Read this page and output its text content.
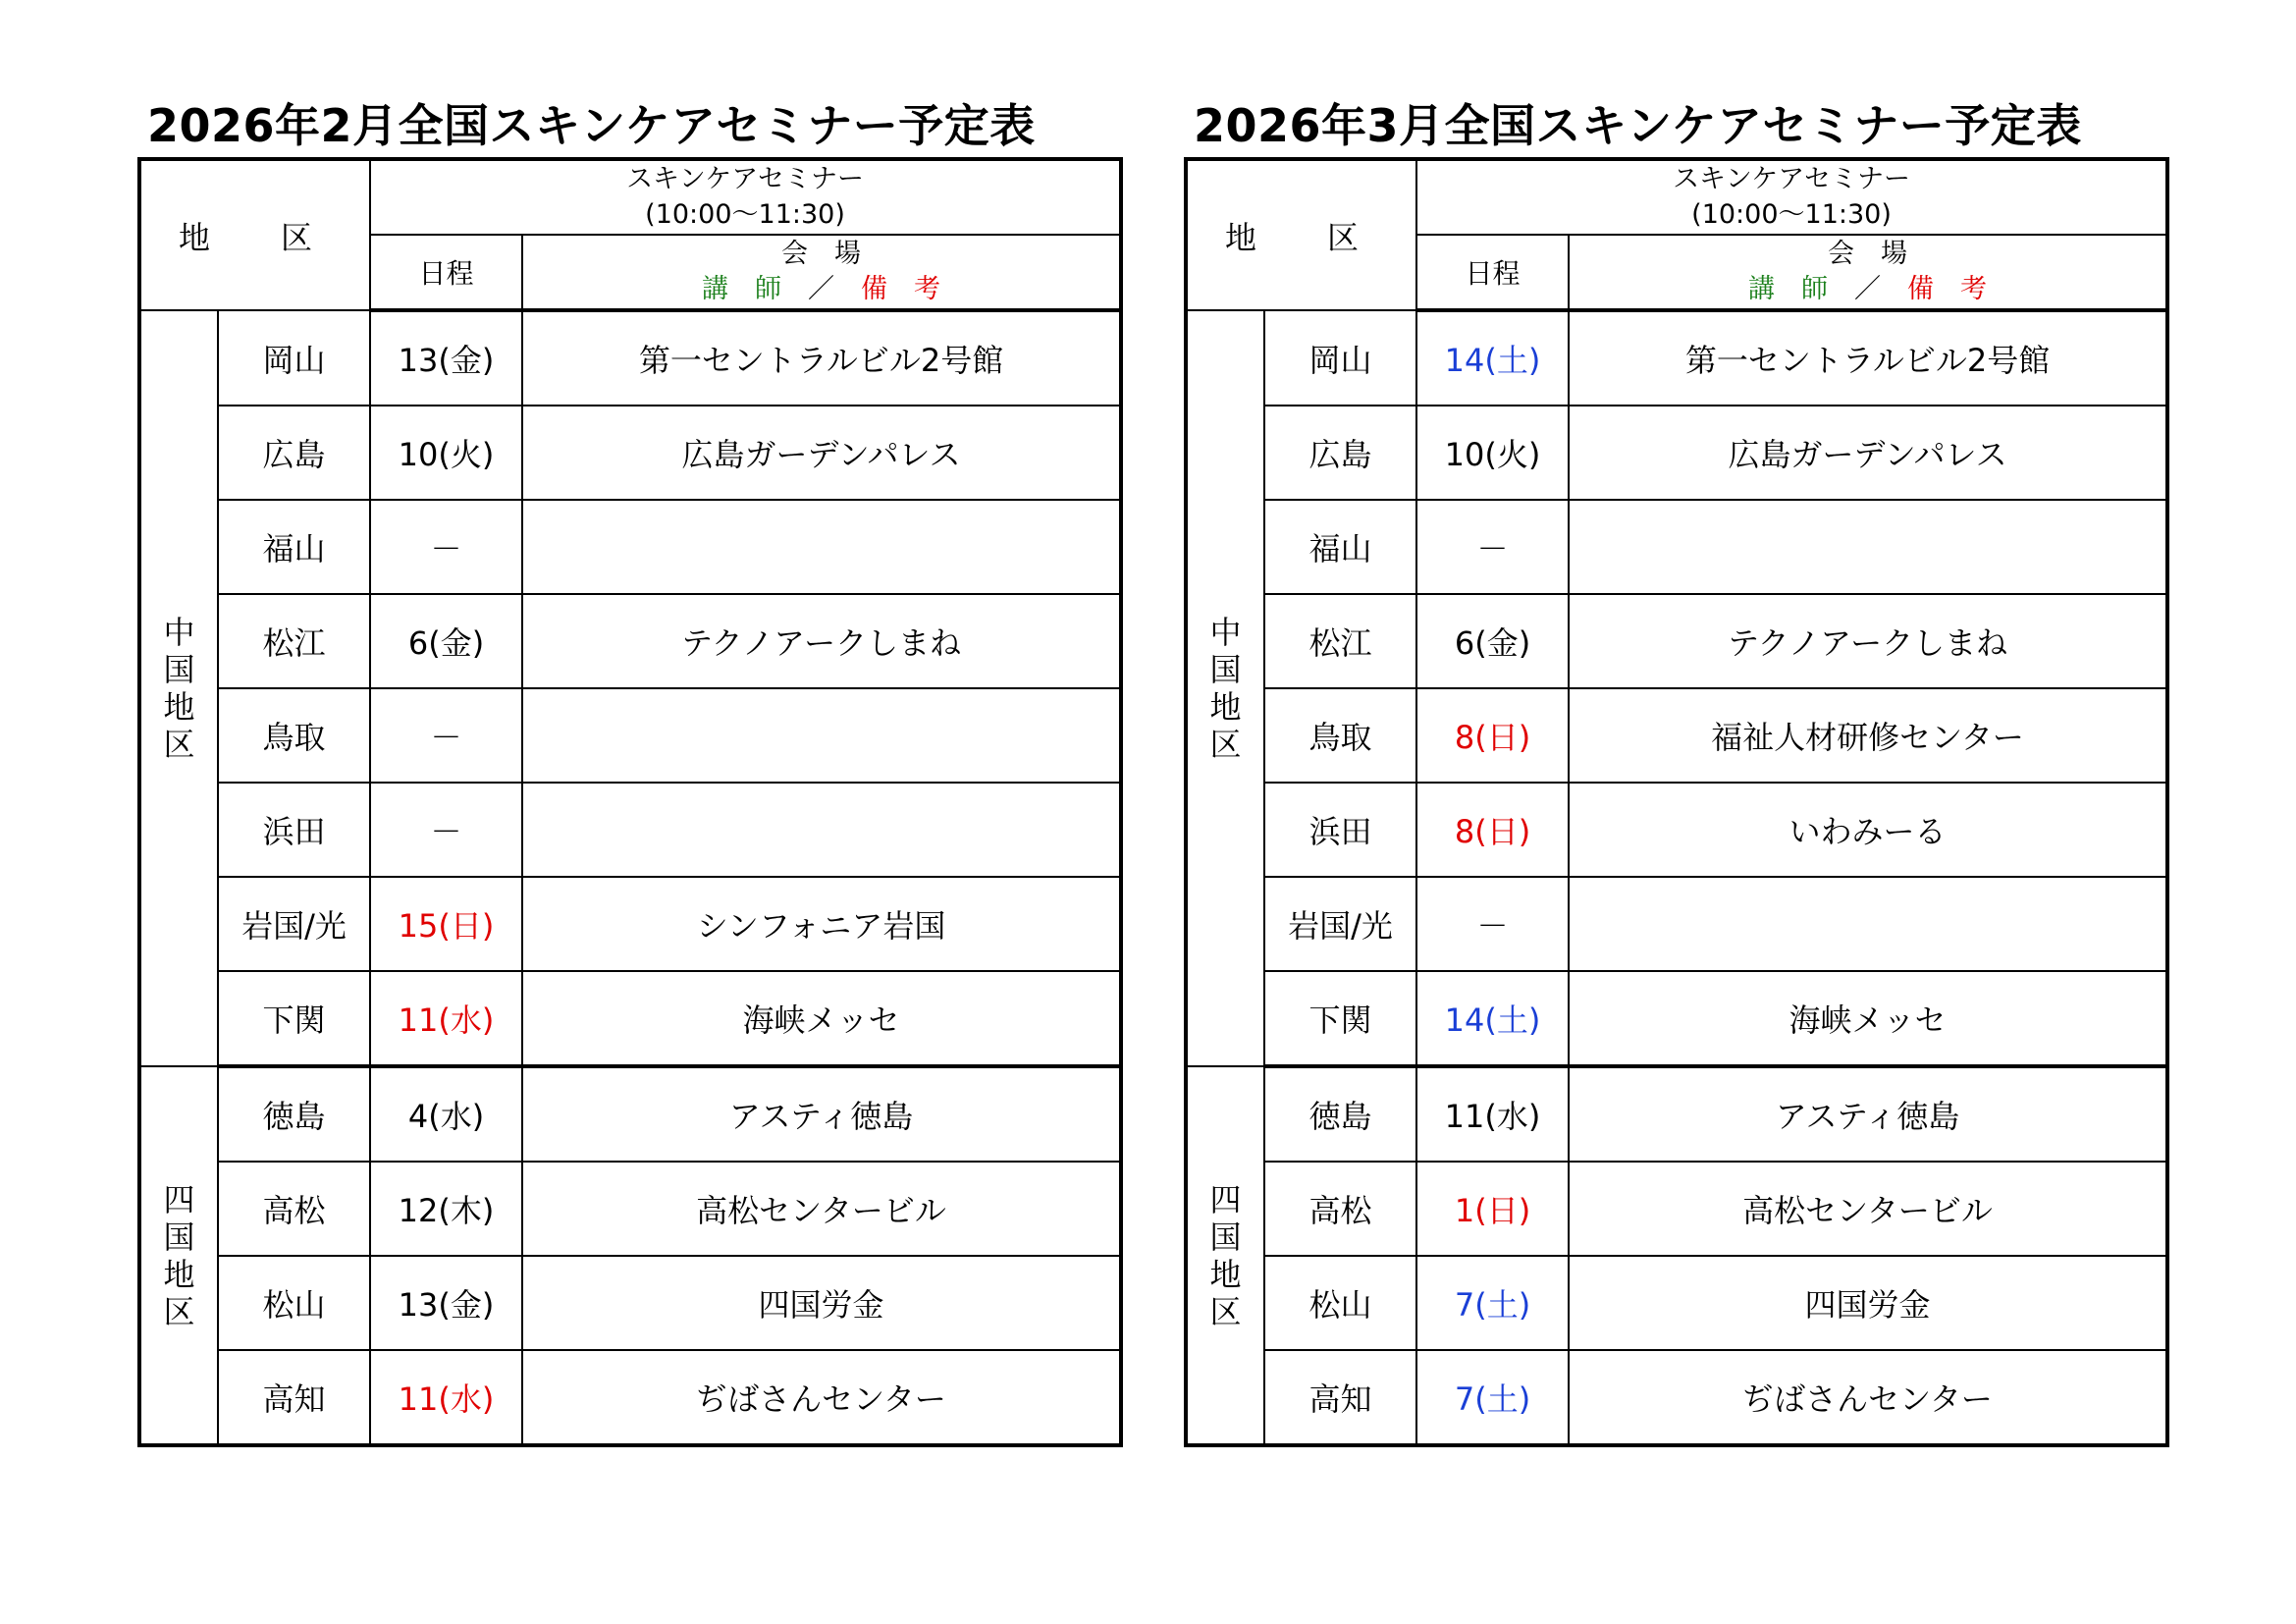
2026年2月全国スキンケアセミナー予定表
地　区		スキンケアセミナー
(10:00～11:30)	

		日程	会　場
講　師　 ／　 備　考

中
国
地
区	岡山	13(金)	第一セントラルビル2号館
	広島	10(火)	広島ガーデンパレス
	福山	－	
	松江	6(金)	テクノアークしまね
	鳥取	－	
	浜田	－	
	岩国/光	15(日)	シンフォニア岩国
	下関	11(水)	海峡メッセ

四
国
地
区	徳島	4(水)	アスティ徳島
	高松	12(木)	高松センタービル
	松山	13(金)	四国労金
	高知	11(水)	ぢばさんセンター
2026年3月全国スキンケアセミナー予定表
地　区		スキンケアセミナー
(10:00～11:30)	

		日程	会　場
講　師　 ／　 備　考

中
国
地
区	岡山	14(土)	第一セントラルビル2号館
	広島	10(火)	広島ガーデンパレス
	福山	－	
	松江	6(金)	テクノアークしまね
	鳥取	8(日)	福祉人材研修センター
	浜田	8(日)	いわみーる
	岩国/光	－	
	下関	14(土)	海峡メッセ

四
国
地
区	徳島	11(水)	アスティ徳島
	高松	1(日)	高松センタービル
	松山	7(土)	四国労金
	高知	7(土)	ぢばさんセンター
